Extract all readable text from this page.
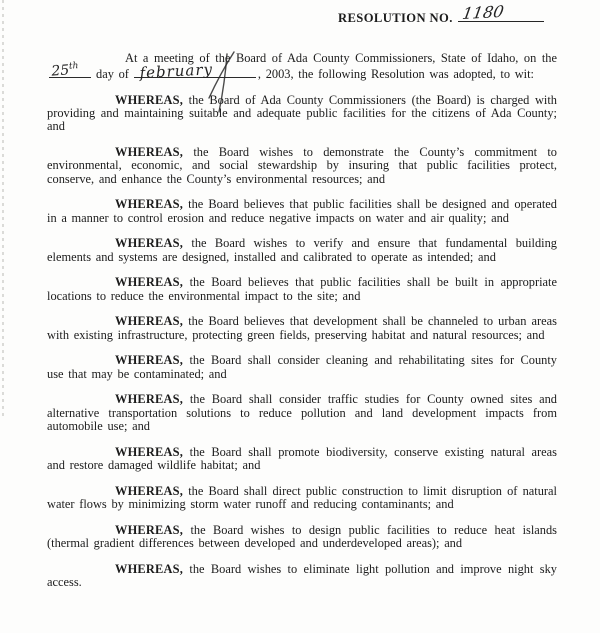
RESOLUTION NO. 1180
At a meeting of the Board of Ada County Commissioners, State of Idaho, on the
25th
day of february	, 2003, the following Resolution was adopted, to wit:

WHEREAS, the Board of Ada County Commissioners (the Board) is charged with providing and maintaining suitable and adequate public facilities for the citizens of Ada County; and

WHEREAS, the Board wishes to demonstrate the County’s commitment to environmental, economic, and social stewardship by insuring that public facilities protect, conserve, and enhance the County’s environmental resources; and

WHEREAS, the Board believes that public facilities shall be designed and operated in a manner to control erosion and reduce negative impacts on water and air quality; and

WHEREAS, the Board wishes to verify and ensure that fundamental building elements and systems are designed, installed and calibrated to operate as intended; and

WHEREAS, the Board believes that public facilities shall be built in appropriate locations to reduce the environmental impact to the site; and

WHEREAS, the Board believes that development shall be channeled to urban areas with existing infrastructure, protecting green fields, preserving habitat and natural resources; and

WHEREAS, the Board shall consider cleaning and rehabilitating sites for County use that may be contaminated; and

WHEREAS, the Board shall consider traffic studies for County owned sites and alternative transportation solutions to reduce pollution and land development impacts from automobile use; and

WHEREAS, the Board shall promote biodiversity, conserve existing natural areas and restore damaged wildlife habitat; and

WHEREAS, the Board shall direct public construction to limit disruption of natural water flows by minimizing storm water runoff and reducing contaminants; and

WHEREAS, the Board wishes to design public facilities to reduce heat islands (thermal gradient differences between developed and underdeveloped areas); and

WHEREAS, the Board wishes to eliminate light pollution and improve night sky access.
